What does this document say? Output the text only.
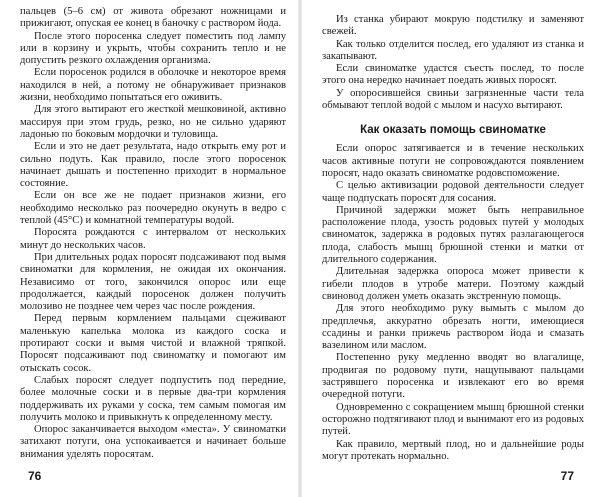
пальцев (5–6 см) от живота обрезают ножницами и прижигают, опуская ее конец в баночку с раствором йода.

После этого поросенка следует поместить под лампу или в корзину и укрыть, чтобы сохранить тепло и не допустить резкого охлаждения организма.

Если поросенок родился в оболочке и некоторое время находился в ней, а потому не обнаруживает признаков жизни, необходимо попытаться его оживить.

Для этого вытирают его жесткой мешковиной, активно массируя при этом грудь, резко, но не сильно ударяют ладонью по боковым мордочки и туловища.

Если и это не дает результата, надо открыть ему рот и сильно подуть. Как правило, после этого поросенок начинает дышать и постепенно приходит в нормальное состояние.

Если он все же не подает признаков жизни, его необходимо несколько раз поочередно окунуть в ведро с теплой (45°С) и комнатной температуры водой.

Поросята рождаются с интервалом от нескольких минут до нескольких часов.

При длительных родах поросят подсаживают под вымя свиноматки для кормления, не ожидая их окончания. Независимо от того, закончился опорос или еще продолжается, каждый поросенок должен получить молозиво не позднее чем через час после рождения.

Перед первым кормлением пальцами сцеживают маленькую капелька молока из каждого соска и протирают соски и вымя чистой и влажной тряпкой. Поросят подсаживают под свиноматку и помогают им отыскать сосок.

Слабых поросят следует подпустить под передние, более молочные соски и в первые два-три кормления поддерживать их руками у соска, тем самым помогая им получить молоко и привыкнуть к определенному месту.

Опорос заканчивается выходом «места». У свиноматки затихают потуги, она успокаивается и начинает больше внимания уделять поросятам.

76

Из станка убирают мокрую подстилку и заменяют свежей.

Как только отделится послед, его удаляют из станка и закапывают.

Если свиноматке удастся съесть послед, то после этого она нередко начинает поедать живых поросят.

У опоросившейся свиньи загрязненные части тела обмывают теплой водой с мылом и насухо вытирают.

Как оказать помощь свиноматке

Если опорос затягивается и в течение нескольких часов активные потуги не сопровождаются появлением поросят, надо оказать свиноматке родовспоможение.

С целью активизации родовой деятельности следует чаще подпускать поросят для сосания.

Причиной задержки может быть неправильное расположение плода, узость родовых путей у молодых свиноматок, задержка в родовых путях разлагающегося плода, слабость мышц брюшной стенки и матки от длительного содержания.

Длительная задержка опороса может привести к гибели плодов в утробе матери. Поэтому каждый свиновод должен уметь оказать экстренную помощь.

Для этого необходимо руку вымыть с мылом до предплечья, аккуратно обрезать ногти, имеющиеся ссадины и ранки прижечь раствором йода и смазать вазелином или маслом.

Постепенно руку медленно вводят во влагалище, продвигая по родовому пути, нащупывают пальцами застрявшего поросенка и извлекают его во время очередной потуги.

Одновременно с сокращением мышц брюшной стенки осторожно подтягивают плод и вынимают его из родовых путей.

Как правило, мертвый плод, но и дальнейшие роды могут протекать нормально.

77
